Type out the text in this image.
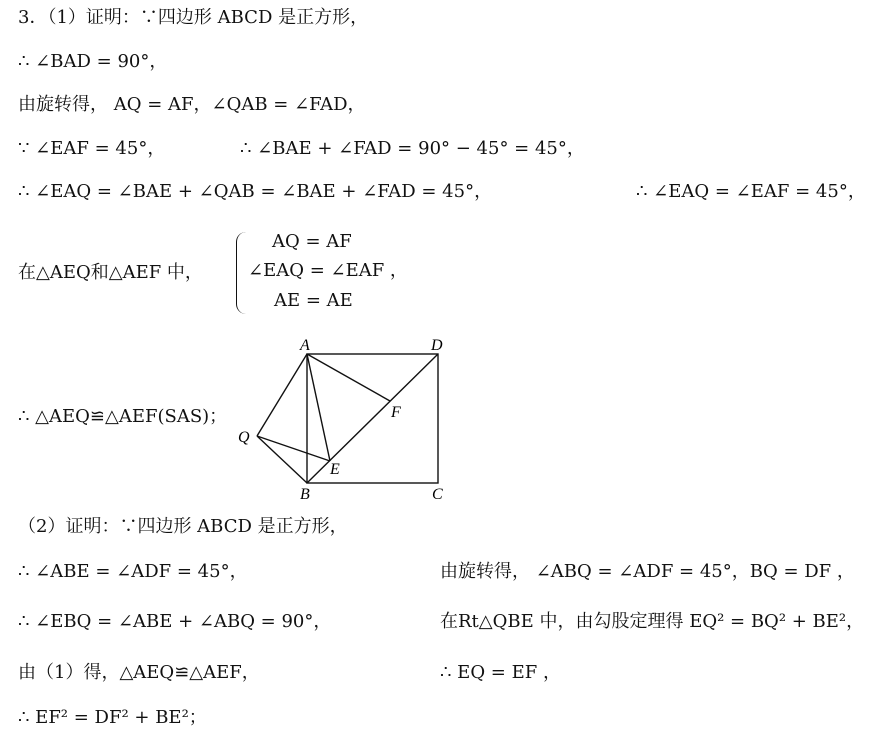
3．（1）证明：∵四边形 ABCD 是正方形，
∴ ∠BAD = 90°，
由旋转得， AQ = AF，∠QAB = ∠FAD，
∵ ∠EAF = 45°，	∴ ∠BAE + ∠FAD = 90° − 45° = 45°，
∴ ∠EAQ = ∠BAE + ∠QAB = ∠BAE + ∠FAD = 45°，	∴ ∠EAQ = ∠EAF = 45°，
在△AEQ和△AEF 中，
AQ = AF
∠EAQ = ∠EAF ，
AE = AE
∴ △AEQ≌△AEF(SAS)；
A	D
F
Q
E
B	C
（2）证明：∵四边形 ABCD 是正方形，
∴ ∠ABE = ∠ADF = 45°，	由旋转得， ∠ABQ = ∠ADF = 45°，BQ = DF ，
∴ ∠EBQ = ∠ABE + ∠ABQ = 90°，	在Rt△QBE 中，由勾股定理得 EQ² = BQ² + BE²，
由（1）得，△AEQ≌△AEF，	∴ EQ = EF ，
∴ EF² = DF² + BE²；
